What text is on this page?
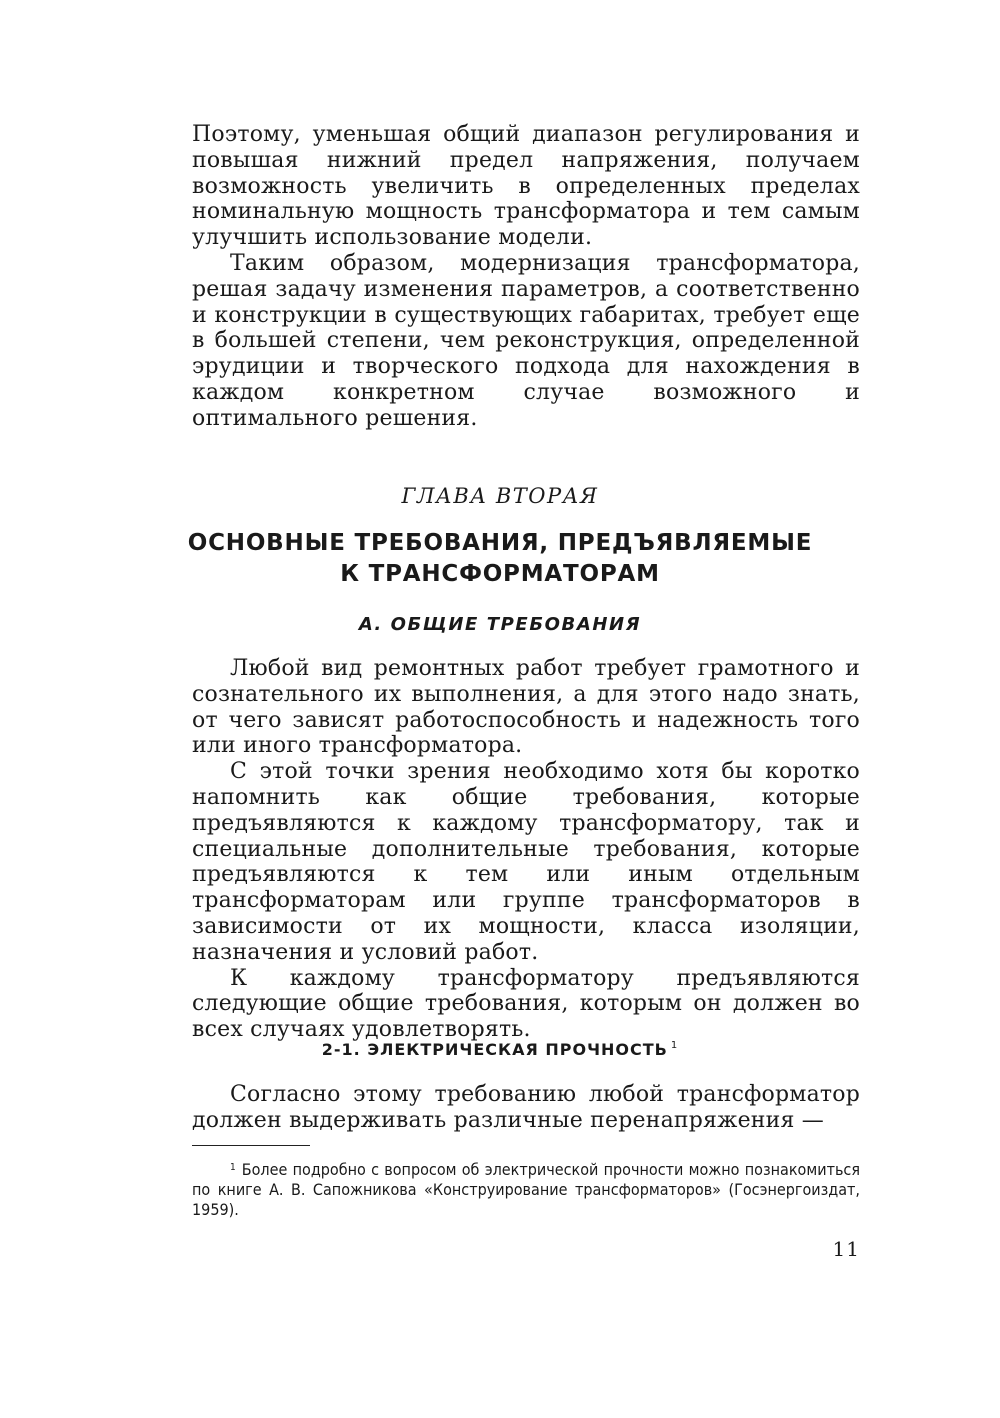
Поэтому, уменьшая общий диапазон регулирования и повышая нижний предел напряжения, получаем возможность увеличить в определенных пределах номинальную мощность трансформатора и тем самым улучшить использование модели.

Таким образом, модернизация трансформатора, решая задачу изменения параметров, а соответственно и конструкции в существующих габаритах, требует еще в большей степени, чем реконструкция, определенной эрудиции и творческого подхода для нахождения в каждом конкретном случае возможного и оптимального решения.

ГЛАВА ВТОРАЯ
ОСНОВНЫЕ ТРЕБОВАНИЯ, ПРЕДЪЯВЛЯЕМЫЕ
К ТРАНСФОРМАТОРАМ
А. ОБЩИЕ ТРЕБОВАНИЯ

Любой вид ремонтных работ требует грамотного и сознательного их выполнения, а для этого надо знать, от чего зависят работоспособность и надежность того или иного трансформатора.

С этой точки зрения необходимо хотя бы коротко напомнить как общие требования, которые предъявляются к каждому трансформатору, так и специальные дополнительные требования, которые предъявляются к тем или иным отдельным трансформаторам или группе трансформаторов в зависимости от их мощности, класса изоляции, назначения и условий работ.

К каждому трансформатору предъявляются следующие общие требования, которым он должен во всех случаях удовлетворять.

2-1. ЭЛЕКТРИЧЕСКАЯ ПРОЧНОСТЬ $^1$

Согласно этому требованию любой трансформатор должен выдерживать различные перенапряжения —

$^1$ Более подробно с вопросом об электрической прочности можно познакомиться по книге А. В. Сапожникова «Конструирование трансформаторов» (Госэнергоиздат, 1959).

11
